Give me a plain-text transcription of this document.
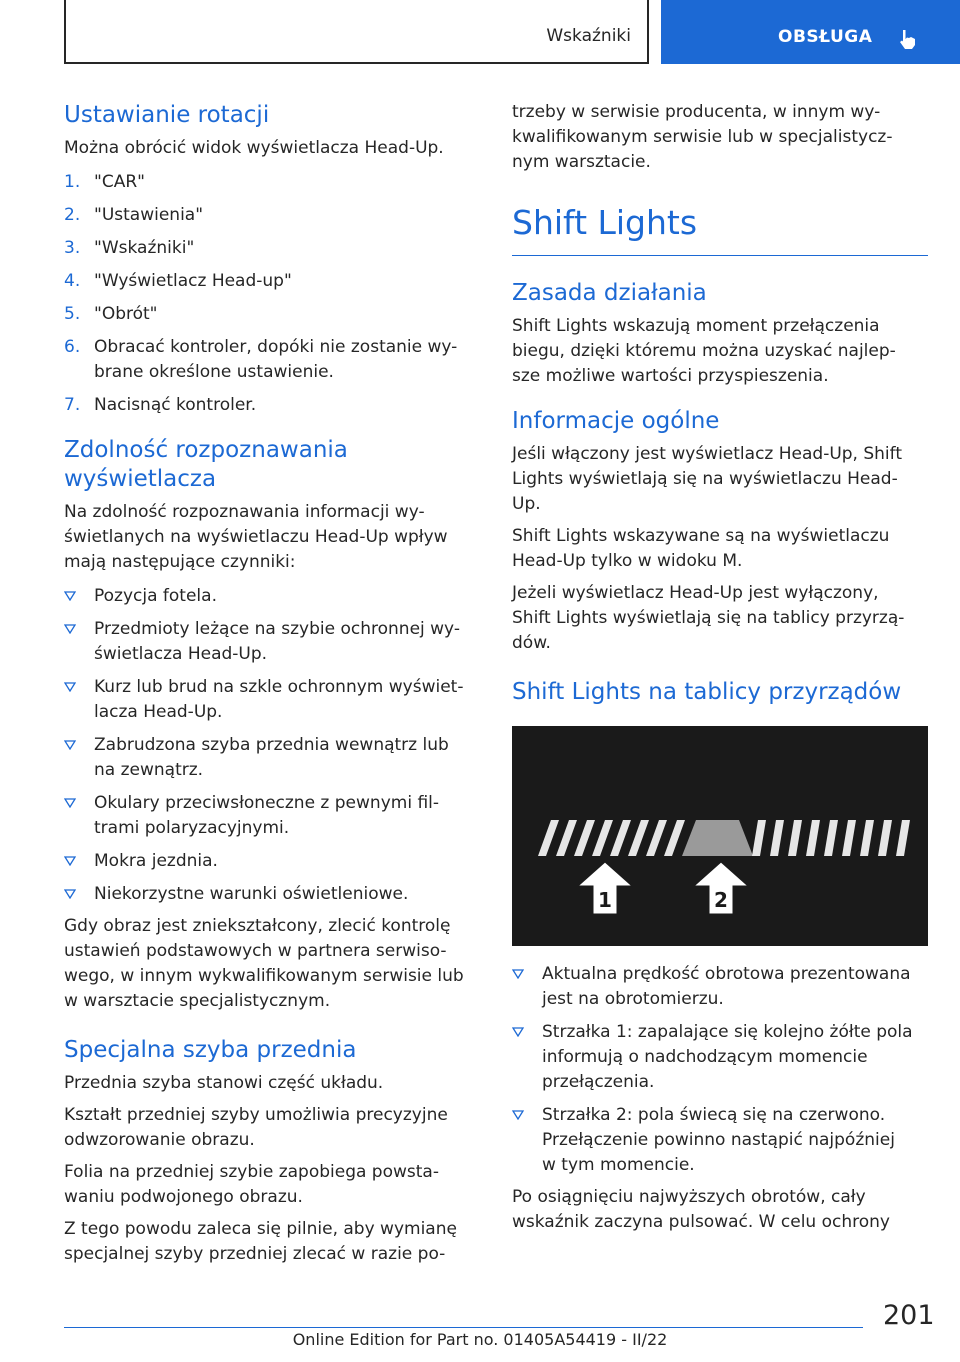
Wskaźniki	OBSŁUGA
Ustawianie rotacji

Można obrócić widok wyświetlacza Head-Up.

1. "CAR"
2. "Ustawienia"
3. "Wskaźniki"
4. "Wyświetlacz Head-up"
5. "Obrót"
6. Obracać kontroler, dopóki nie zostanie wy-
brane określone ustawienie.
7. Nacisnąć kontroler.
Zdolność rozpoznawania
wyświetlacza

Na zdolność rozpoznawania informacji wy-
świetlanych na wyświetlaczu Head-Up wpływ
mają następujące czynniki:

Pozycja fotela.
Przedmioty leżące na szybie ochronnej wy-
świetlacza Head-Up.
Kurz lub brud na szkle ochronnym wyświet-
lacza Head-Up.
Zabrudzona szyba przednia wewnątrz lub
na zewnątrz.
Okulary przeciwsłoneczne z pewnymi fil-
trami polaryzacyjnymi.
Mokra jezdnia.
Niekorzystne warunki oświetleniowe.

Gdy obraz jest zniekształcony, zlecić kontrolę
ustawień podstawowych w partnera serwiso-
wego, w innym wykwalifikowanym serwisie lub
w warsztacie specjalistycznym.

Specjalna szyba przednia

Przednia szyba stanowi część układu.

Kształt przedniej szyby umożliwia precyzyjne
odwzorowanie obrazu.

Folia na przedniej szybie zapobiega powsta-
waniu podwojonego obrazu.

Z tego powodu zaleca się pilnie, aby wymianę
specjalnej szyby przedniej zlecać w razie po-

trzeby w serwisie producenta, w innym wy-
kwalifikowanym serwisie lub w specjalistycz-
nym warsztacie.

Shift Lights
Zasada działania

Shift Lights wskazują moment przełączenia
biegu, dzięki któremu można uzyskać najlep-
sze możliwe wartości przyspieszenia.

Informacje ogólne

Jeśli włączony jest wyświetlacz Head-Up, Shift
Lights wyświetlają się na wyświetlaczu Head-
Up.

Shift Lights wskazywane są na wyświetlaczu
Head-Up tylko w widoku M.

Jeżeli wyświetlacz Head-Up jest wyłączony,
Shift Lights wyświetlają się na tablicy przyrzą-
dów.

Shift Lights na tablicy przyrządów
1	2
Aktualna prędkość obrotowa prezentowana
jest na obrotomierzu.
Strzałka 1: zapalające się kolejno żółte pola
informują o nadchodzącym momencie
przełączenia.
Strzałka 2: pola świecą się na czerwono.
Przełączenie powinno nastąpić najpóźniej
w tym momencie.

Po osiągnięciu najwyższych obrotów, cały
wskaźnik zaczyna pulsować. W celu ochrony

201
Online Edition for Part no. 01405A54419 - II/22
